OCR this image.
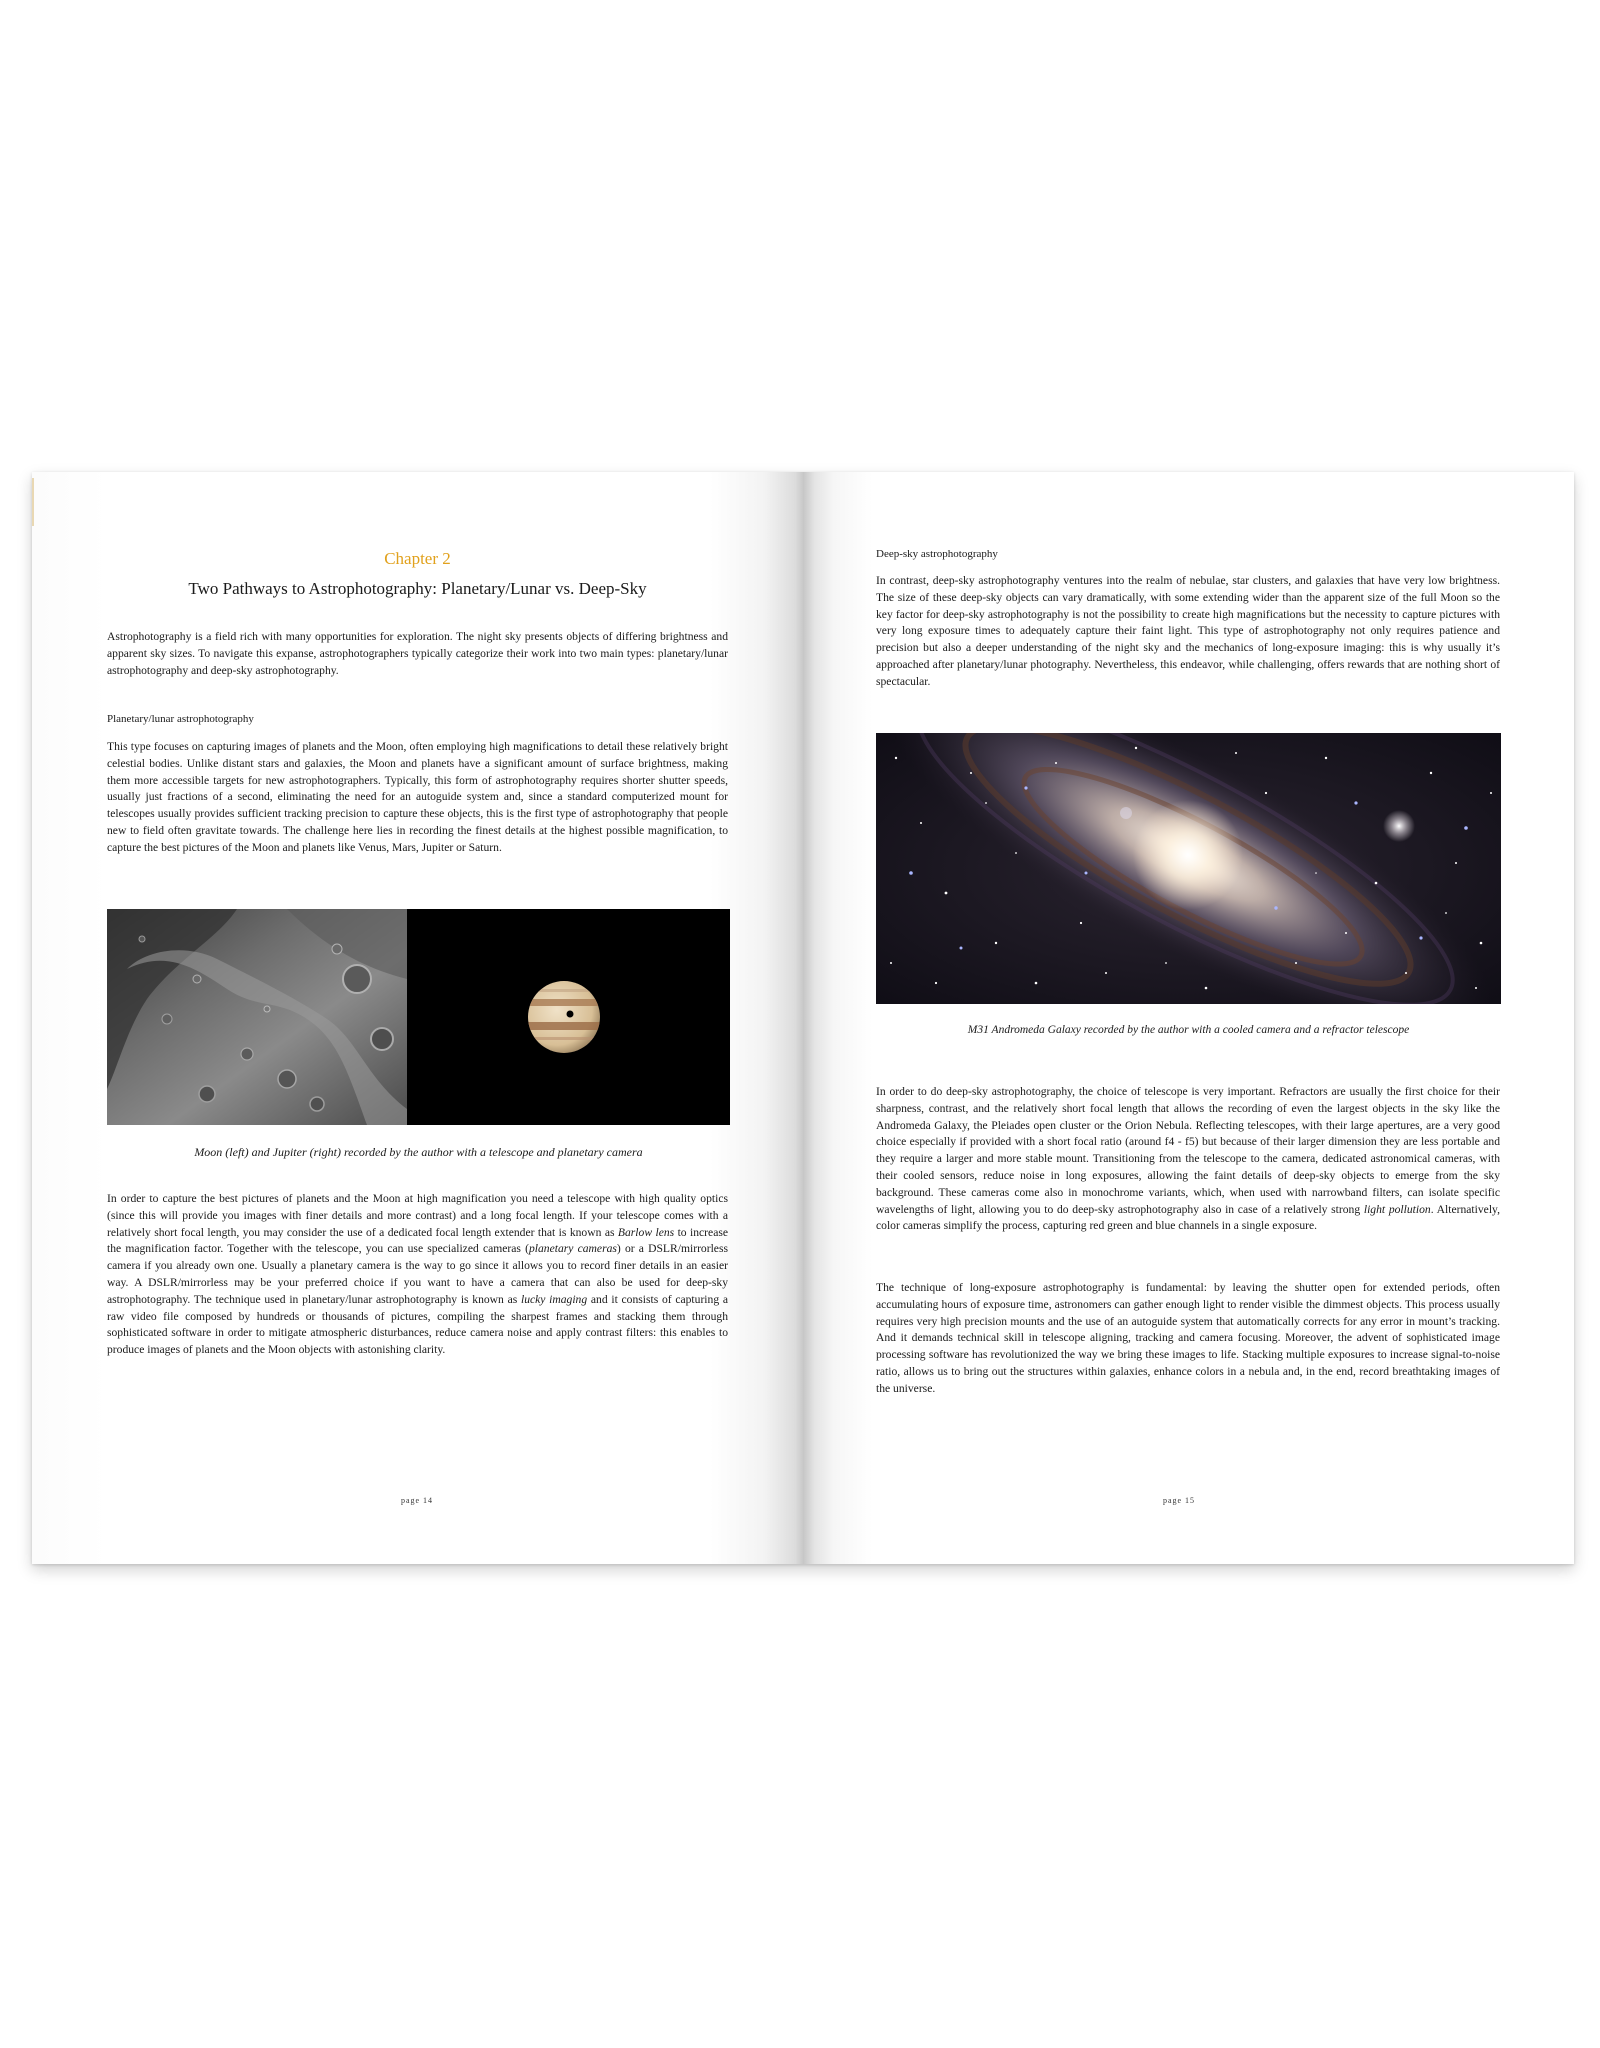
Chapter 2
Two Pathways to Astrophotography: Planetary/Lunar vs. Deep-Sky

Astrophotography is a field rich with many opportunities for exploration. The night sky presents objects of differing brightness and apparent sky sizes. To navigate this expanse, astrophotographers typically categorize their work into two main types: planetary/lunar astrophotography and deep-sky astrophotography.

Planetary/lunar astrophotography

This type focuses on capturing images of planets and the Moon, often employing high magnifications to detail these relatively bright celestial bodies. Unlike distant stars and galaxies, the Moon and planets have a significant amount of surface brightness, making them more accessible targets for new astrophotographers. Typically, this form of astrophotography requires shorter shutter speeds, usually just fractions of a second, eliminating the need for an autoguide system and, since a standard computerized mount for telescopes usually provides sufficient tracking precision to capture these objects, this is the first type of astrophotography that people new to field often gravitate towards. The challenge here lies in recording the finest details at the highest possible magnification, to capture the best pictures of the Moon and planets like Venus, Mars, Jupiter or Saturn.

Moon (left) and Jupiter (right) recorded by the author with a telescope and planetary camera

In order to capture the best pictures of planets and the Moon at high magnification you need a telescope with high quality optics (since this will provide you images with finer details and more contrast) and a long focal length. If your telescope comes with a relatively short focal length, you may consider the use of a dedicated focal length extender that is known as Barlow lens to increase the magnification factor. Together with the telescope, you can use specialized cameras (planetary cameras) or a DSLR/mirrorless camera if you already own one. Usually a planetary camera is the way to go since it allows you to record finer details in an easier way. A DSLR/mirrorless may be your preferred choice if you want to have a camera that can also be used for deep-sky astrophotography. The technique used in planetary/lunar astrophotography is known as lucky imaging and it consists of capturing a raw video file composed by hundreds or thousands of pictures, compiling the sharpest frames and stacking them through sophisticated software in order to mitigate atmospheric disturbances, reduce camera noise and apply contrast filters: this enables to produce images of planets and the Moon objects with astonishing clarity.

page 14
Deep-sky astrophotography

In contrast, deep-sky astrophotography ventures into the realm of nebulae, star clusters, and galaxies that have very low brightness. The size of these deep-sky objects can vary dramatically, with some extending wider than the apparent size of the full Moon so the key factor for deep-sky astrophotography is not the possibility to create high magnifications but the necessity to capture pictures with very long exposure times to adequately capture their faint light. This type of astrophotography not only requires patience and precision but also a deeper understanding of the night sky and the mechanics of long-exposure imaging: this is why usually it’s approached after planetary/lunar photography. Nevertheless, this endeavor, while challenging, offers rewards that are nothing short of spectacular.

M31 Andromeda Galaxy recorded by the author with a cooled camera and a refractor telescope

In order to do deep-sky astrophotography, the choice of telescope is very important. Refractors are usually the first choice for their sharpness, contrast, and the relatively short focal length that allows the recording of even the largest objects in the sky like the Andromeda Galaxy, the Pleiades open cluster or the Orion Nebula. Reflecting telescopes, with their large apertures, are a very good choice especially if provided with a short focal ratio (around f4 - f5) but because of their larger dimension they are less portable and they require a larger and more stable mount. Transitioning from the telescope to the camera, dedicated astronomical cameras, with their cooled sensors, reduce noise in long exposures, allowing the faint details of deep-sky objects to emerge from the sky background. These cameras come also in monochrome variants, which, when used with narrowband filters, can isolate specific wavelengths of light, allowing you to do deep-sky astrophotography also in case of a relatively strong light pollution. Alternatively, color cameras simplify the process, capturing red green and blue channels in a single exposure.

The technique of long-exposure astrophotography is fundamental: by leaving the shutter open for extended periods, often accumulating hours of exposure time, astronomers can gather enough light to render visible the dimmest objects. This process usually requires very high precision mounts and the use of an autoguide system that automatically corrects for any error in mount’s tracking. And it demands technical skill in telescope aligning, tracking and camera focusing. Moreover, the advent of sophisticated image processing software has revolutionized the way we bring these images to life. Stacking multiple exposures to increase signal-to-noise ratio, allows us to bring out the structures within galaxies, enhance colors in a nebula and, in the end, record breathtaking images of the universe.

page 15
